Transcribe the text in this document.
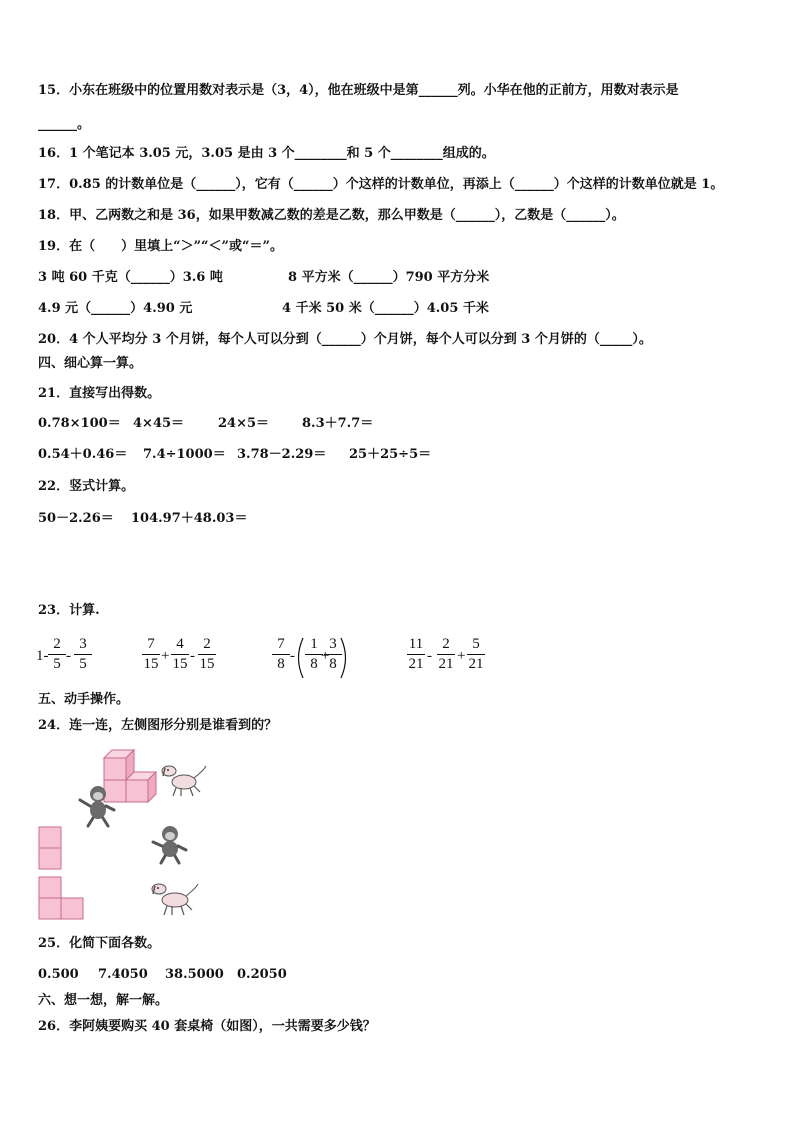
15．小东在班级中的位置用数对表示是（3，4），他在班级中是第______列。小华在他的正前方，用数对表示是
______。
16．1 个笔记本 3.05 元，3.05 是由 3 个________和 5 个________组成的。
17．0.85 的计数单位是（______），它有（______）个这样的计数单位，再添上（______）个这样的计数单位就是 1。
18．甲、乙两数之和是 36，如果甲数减乙数的差是乙数，那么甲数是（______），乙数是（______）。
19．在（　　）里填上“＞”“＜”或“＝”。
3 吨 60 千克（______）3.6 吨	8 平方米（______）790 平方分米
4.9 元（______）4.90 元	4 千米 50 米（______）4.05 千米
20．4 个人平均分 3 个月饼，每个人可以分到（______）个月饼，每个人可以分到 3 个月饼的（_____）。
四、细心算一算。
21．直接写出得数。
0.78×100＝ 4×45＝	24×5＝	8.3＋7.7＝
0.54＋0.46＝ 7.4÷1000＝ 3.78－2.29＝ 25＋25÷5＝
22．竖式计算。
50－2.26＝ 104.97＋48.03＝
23．计算.
1-
2
5 -
3
5
7
15 +
4
15 -
2
15
7
8 -
1
8 +
3
8
11
21 -
2
21 +
5
21
五、动手操作。
24．连一连，左侧图形分别是谁看到的？
25．化简下面各数。
0.500 7.4050 38.5000 0.2050
六、想一想，解一解。
26．李阿姨要购买 40 套桌椅（如图），一共需要多少钱？
